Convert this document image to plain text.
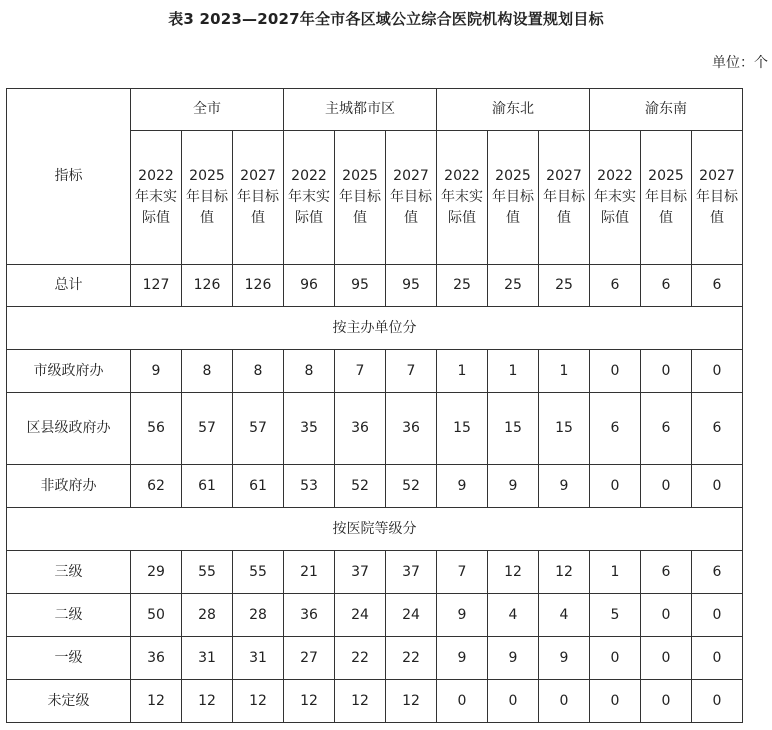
表3 2023—2027年全市各区域公立综合医院机构设置规划目标
单位：个
指标	全市			主城都市区			渝东北			渝东南		
	2022年末实际值	2025年目标值	2027年目标值	2022年末实际值	2025年目标值	2027年目标值	2022年末实际值	2025年目标值	2027年目标值	2022年末实际值	2025年目标值	2027年目标值
总计	127	126	126	96	95	95	25	25	25	6	6	6
按主办单位分												
市级政府办	9	8	8	8	7	7	1	1	1	0	0	0
区县级政府办	56	57	57	35	36	36	15	15	15	6	6	6
非政府办	62	61	61	53	52	52	9	9	9	0	0	0
按医院等级分												
三级	29	55	55	21	37	37	7	12	12	1	6	6
二级	50	28	28	36	24	24	9	4	4	5	0	0
一级	36	31	31	27	22	22	9	9	9	0	0	0
未定级	12	12	12	12	12	12	0	0	0	0	0	0
